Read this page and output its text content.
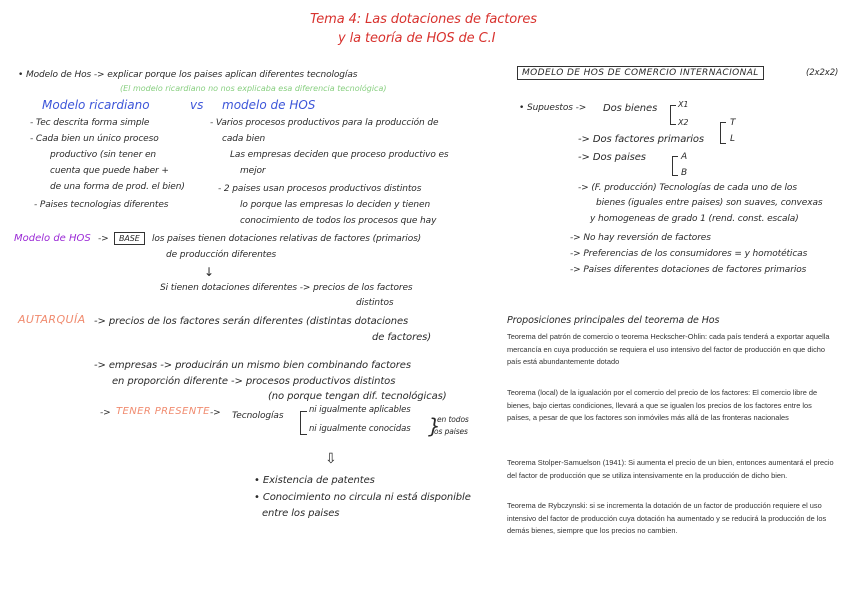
Tema 4: Las dotaciones de factores
y la teoría de HOS de C.I
• Modelo de Hos -> explicar porque los paises aplican diferentes tecnologías
(El modelo ricardiano no nos explicaba esa diferencia tecnológica)
Modelo ricardiano	vs modelo de HOS
- Tec descrita forma simple
- Cada bien un único proceso
productivo (sin tener en
cuenta que puede haber +
de una forma de prod. el bien)
- Paises tecnologias diferentes
- Varios procesos productivos para la producción de
cada bien
Las empresas deciden que proceso productivo es
mejor
- 2 paises usan procesos productivos distintos
lo porque las empresas lo deciden y tienen
conocimiento de todos los procesos que hay
Modelo de HOS ->	BASE	los paises tienen dotaciones relativas de factores (primarios)
de producción diferentes
↓
Si tienen dotaciones diferentes -> precios de los factores
distintos
AUTARQUÍA -> precios de los factores serán diferentes (distintas dotaciones
de factores)
-> empresas -> producirán un mismo bien combinando factores
en proporción diferente -> procesos productivos distintos
(no porque tengan dif. tecnológicas)
-> TENER PRESENTE -> Tecnologías
ni igualmente aplicables
ni igualmente conocidas }
en todos
los paises
⇩
• Existencia de patentes
• Conocimiento no circula ni está disponible
entre los paises
MODELO DE HOS DE COMERCIO INTERNACIONAL	(2x2x2)
• Supuestos -> Dos bienes	X1
X2
-> Dos factores primarios
T
L
-> Dos paises	A
B
-> (F. producción) Tecnologías de cada uno de los
bienes (iguales entre paises) son suaves, convexas
y homogeneas de grado 1 (rend. const. escala)
-> No hay reversión de factores
-> Preferencias de los consumidores = y homotéticas
-> Paises diferentes dotaciones de factores primarios
Proposiciones principales del teorema de Hos
Teorema del patrón de comercio o teorema Heckscher-Ohlin: cada país tenderá a exportar aquella mercancía en cuya producción se requiera el uso intensivo del factor de producción en que dicho país está abundantemente dotado
Teorema (local) de la igualación por el comercio del precio de los factores: El comercio libre de bienes, bajo ciertas condiciones, llevará a que se igualen los precios de los factores entre los países, a pesar de que los factores son inmóviles más allá de las fronteras nacionales
Teorema Stolper-Samuelson (1941): Si aumenta el precio de un bien, entonces aumentará el precio del factor de producción que se utiliza intensivamente en la producción de dicho bien.
Teorema de Rybczynski: si se incrementa la dotación de un factor de producción requiere el uso intensivo del factor de producción cuya dotación ha aumentado y se reducirá la producción de los demás bienes, siempre que los precios no cambien.
